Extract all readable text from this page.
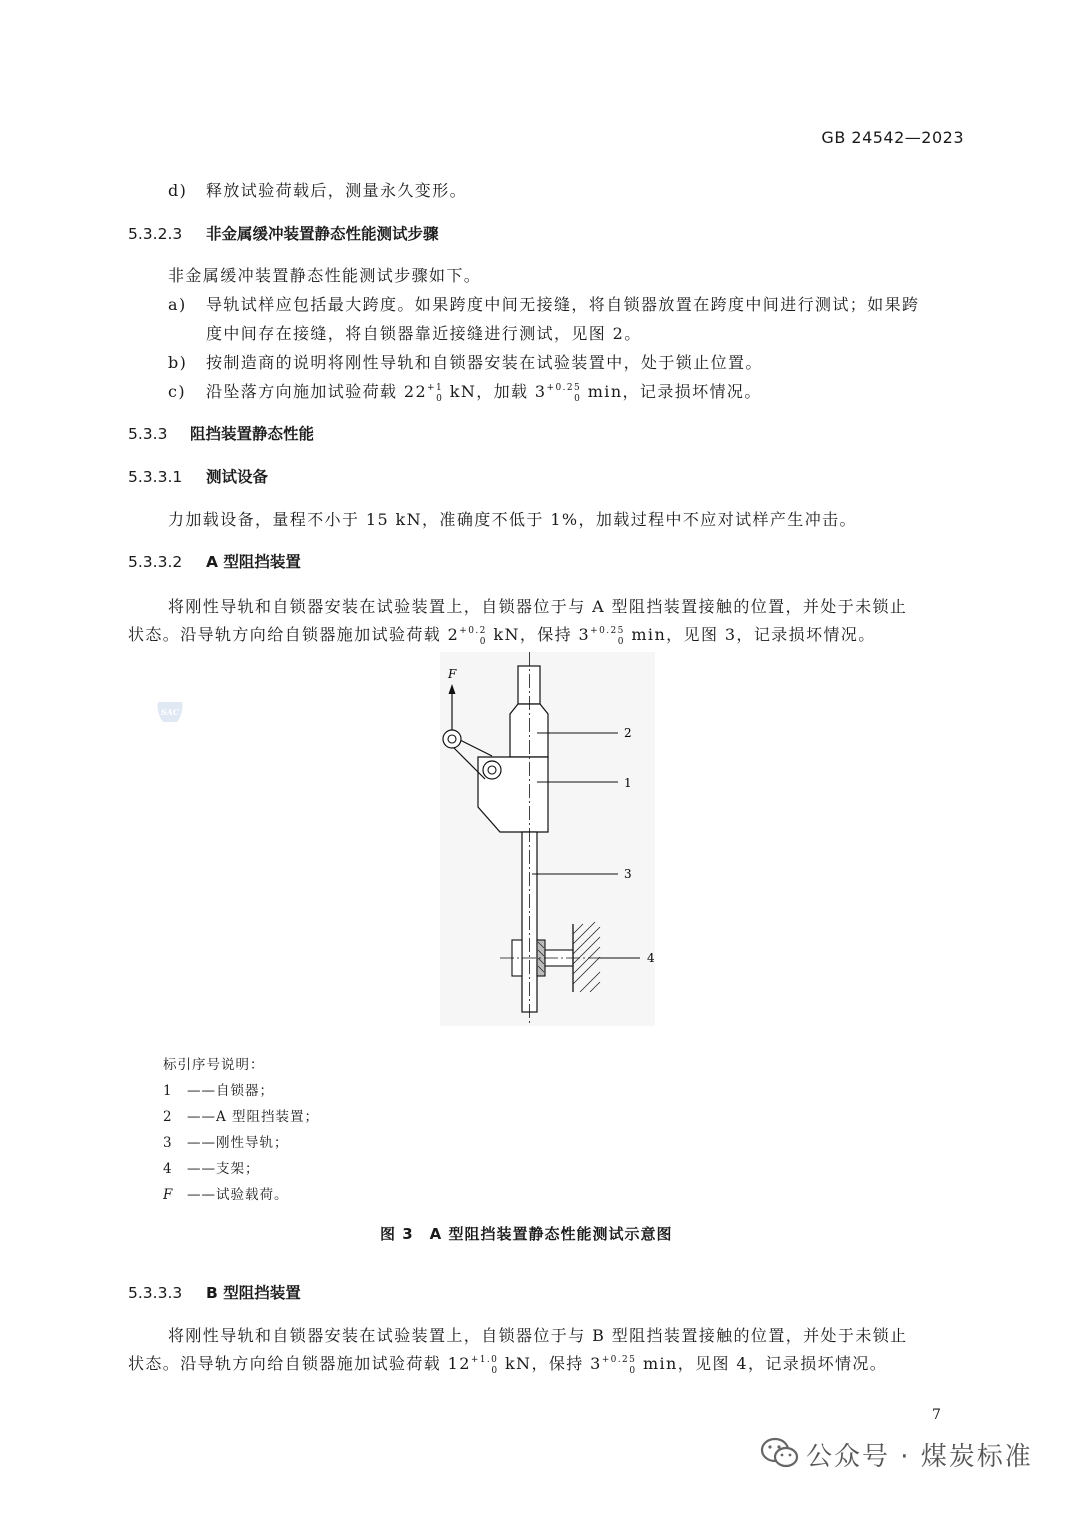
GB 24542—2023
d) 释放试验荷载后，测量永久变形。
5.3.2.3 非金属缓冲装置静态性能测试步骤
非金属缓冲装置静态性能测试步骤如下。
a) 导轨试样应包括最大跨度。如果跨度中间无接缝，将自锁器放置在跨度中间进行测试；如果跨
度中间存在接缝，将自锁器靠近接缝进行测试，见图 2。
b) 按制造商的说明将刚性导轨和自锁器安装在试验装置中，处于锁止位置。
c) 沿坠落方向施加试验荷载 $22^{+1}_0$ kN，加载 $3^{+0.25}_0$ min，记录损坏情况。
5.3.3 阻挡装置静态性能
5.3.3.1 测试设备
力加载设备，量程不小于 15 kN，准确度不低于 1%，加载过程中不应对试样产生冲击。
5.3.3.2 A 型阻挡装置
将刚性导轨和自锁器安装在试验装置上，自锁器位于与 A 型阻挡装置接触的位置，并处于未锁止
状态。沿导轨方向给自锁器施加试验荷载 $2^{+0.2}_0$ kN，保持 $3^{+0.25}_0$ min，见图 3，记录损坏情况。
SAC
F
2
1
3
4
标引序号说明：
1 ——自锁器；
2 ——A 型阻挡装置；
3 ——刚性导轨；
4 ——支架；
F ——试验载荷。
图 3　A 型阻挡装置静态性能测试示意图
5.3.3.3 B 型阻挡装置
将刚性导轨和自锁器安装在试验装置上，自锁器位于与 B 型阻挡装置接触的位置，并处于未锁止
状态。沿导轨方向给自锁器施加试验荷载 $12^{+1.0}_0$ kN，保持 $3^{+0.25}_0$ min，见图 4，记录损坏情况。
7
公众号 · 煤炭标准
